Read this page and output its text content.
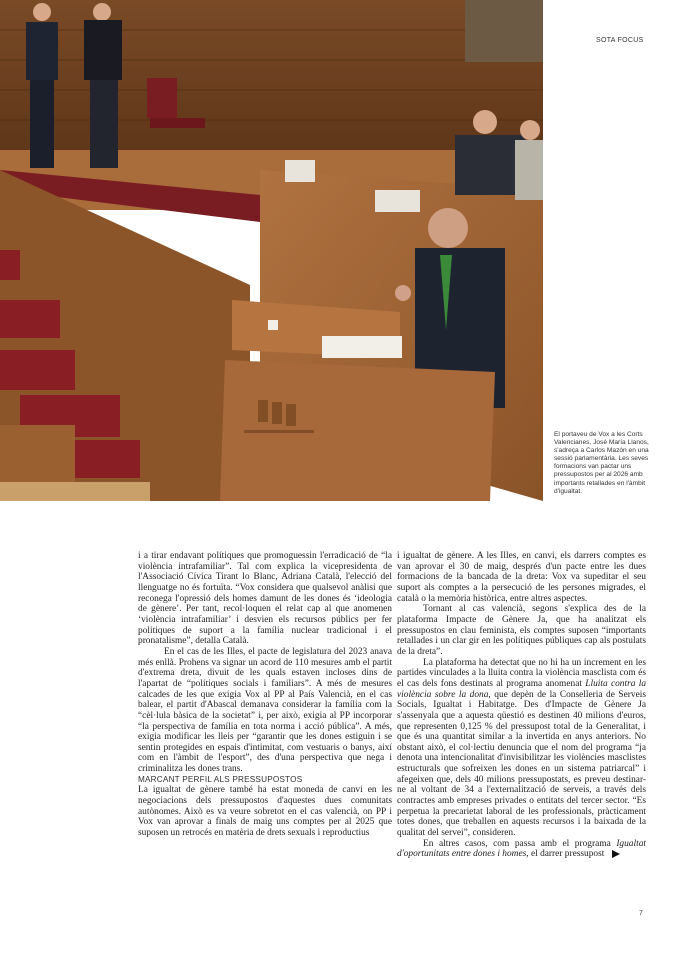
SOTA FOCUS
El portaveu de Vox a les Corts Valencianes, José María Llanos, s'adreça a Carlos Mazón en una sessió parlamentària. Les seves formacions van pactar uns pressupostos per al 2026 amb importants retallades en l'àmbit d'igualtat.

i a tirar endavant polítiques que promoguessin l'erradicació de “la violència intrafamiliar”. Tal com explica la vicepresidenta de l'Associació Cívica Tirant lo Blanc, Adriana Català, l'elecció del llenguatge no és fortuïta. “Vox considera que qualsevol anàlisi que reconega l'opressió dels homes damunt de les dones és ‘ideologia de gènere’. Per tant, recol·loquen el relat cap al que anomenen ‘violència intrafamiliar’ i desvien els recursos públics per fer polítiques de suport a la família nuclear tradicional i el pronatalisme”, detalla Català.

En el cas de les Illes, el pacte de legislatura del 2023 anava més enllà. Prohens va signar un acord de 110 mesures amb el partit d'extrema dreta, divuit de les quals estaven incloses dins de l'apartat de “polítiques socials i familiars”. A més de mesures calcades de les que exigia Vox al PP al País Valencià, en el cas balear, el partit d'Abascal demanava considerar la família com la “cèl·lula bàsica de la societat” i, per això, exigia al PP incorporar “la perspectiva de família en tota norma i acció pública”. A més, exigia modificar les lleis per “garantir que les dones estiguin i se sentin protegides en espais d'intimitat, com vestuaris o banys, així com en l'àmbit de l'esport”, des d'una perspectiva que nega i criminalitza les dones trans.

MARCANT PERFIL ALS PRESSUPOSTOS

La igualtat de gènere també ha estat moneda de canvi en les negociacions dels pressupostos d'aquestes dues comunitats autònomes. Això es va veure sobretot en el cas valencià, on PP i Vox van aprovar a finals de maig uns comptes per al 2025 que suposen un retrocés en matèria de drets sexuals i reproductius

i igualtat de gènere. A les Illes, en canvi, els darrers comptes es van aprovar el 30 de maig, després d'un pacte entre les dues formacions de la bancada de la dreta: Vox va supeditar el seu suport als comptes a la persecució de les persones migrades, el català o la memòria històrica, entre altres aspectes.

Tornant al cas valencià, segons s'explica des de la plataforma Impacte de Gènere Ja, que ha analitzat els pressupostos en clau feminista, els comptes suposen “importants retallades i un clar gir en les polítiques públiques cap als postulats de la dreta”.

La plataforma ha detectat que no hi ha un increment en les partides vinculades a la lluita contra la violència masclista com és el cas dels fons destinats al programa anomenat Lluita contra la violència sobre la dona, que depèn de la Conselleria de Serveis Socials, Igualtat i Habitatge. Des d'Impacte de Gènere Ja s'assenyala que a aquesta qüestió es destinen 40 milions d'euros, que representen 0,125 % del pressupost total de la Generalitat, i que és una quantitat similar a la invertida en anys anteriors. No obstant això, el col·lectiu denuncia que el nom del programa “ja denota una intencionalitat d'invisibilitzar les violències masclistes estructurals que sofreixen les dones en un sistema patriarcal” i afegeixen que, dels 40 milions pressupostats, es preveu destinar-ne al voltant de 34 a l'externalització de serveis, a través dels contractes amb empreses privades o entitats del tercer sector. “Es perpetua la precarietat laboral de les professionals, pràcticament totes dones, que treballen en aquests recursos i la baixada de la qualitat del servei”, consideren.

En altres casos, com passa amb el programa Igualtat d'oportunitats entre dones i homes, el darrer pressupost

7
